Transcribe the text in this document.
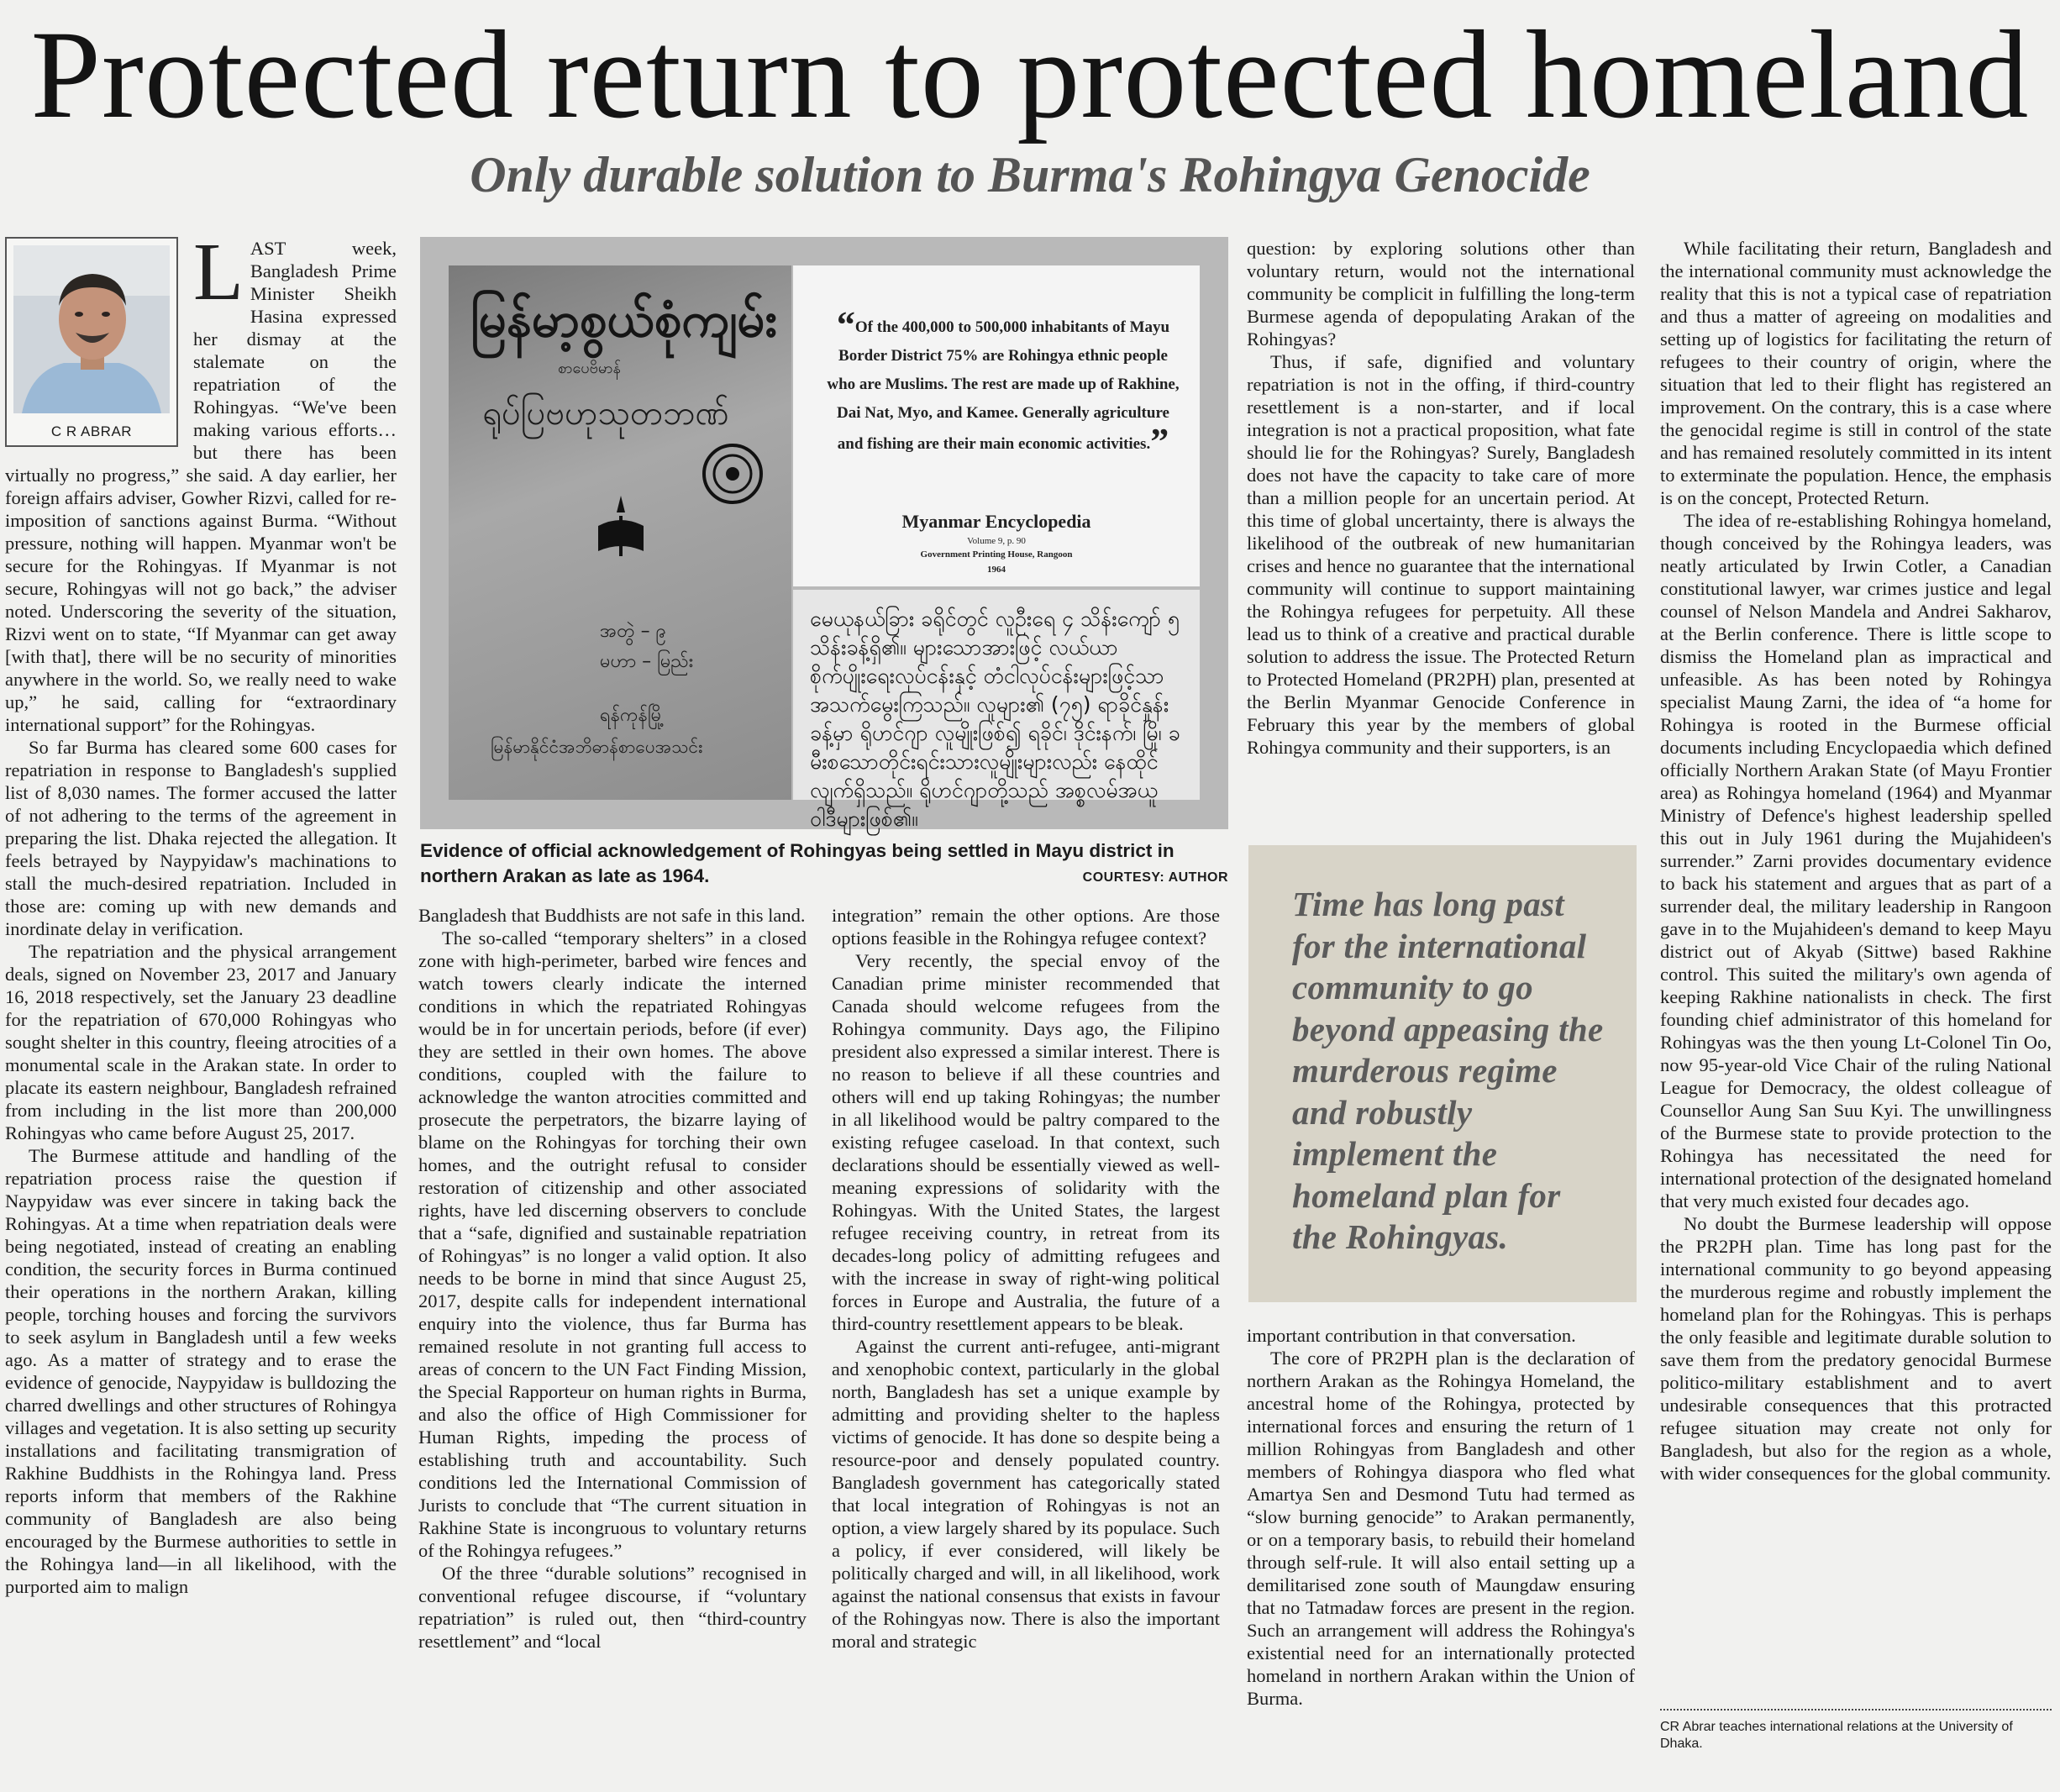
Protected return to protected homeland
Only durable solution to Burma's Rohingya Genocide
C R ABRAR
L AST week, Bangladesh Prime Minister Sheikh Hasina expressed her dismay at the stalemate on the repatriation of the Rohingyas. “We've been making various efforts… but there has been virtually no progress,” she said. A day earlier, her foreign affairs adviser, Gowher Rizvi, called for re-imposition of sanctions against Burma. “Without pressure, nothing will happen. Myanmar won't be secure for the Rohingyas. If Myanmar is not secure, Rohingyas will not go back,” the adviser noted. Underscoring the severity of the situation, Rizvi went on to state, “If Myanmar can get away [with that], there will be no security of minorities anywhere in the world. So, we really need to wake up,” he said, calling for “extraordinary international support” for the Rohingyas.

So far Burma has cleared some 600 cases for repatriation in response to Bangladesh's supplied list of 8,030 names. The former accused the latter of not adhering to the terms of the agreement in preparing the list. Dhaka rejected the allegation. It feels betrayed by Naypyidaw's machinations to stall the much-desired repatriation. Included in those are: coming up with new demands and inordinate delay in verification.

The repatriation and the physical arrangement deals, signed on November 23, 2017 and January 16, 2018 respectively, set the January 23 deadline for the repatriation of 670,000 Rohingyas who sought shelter in this country, fleeing atrocities of a monumental scale in the Arakan state. In order to placate its eastern neighbour, Bangladesh refrained from including in the list more than 200,000 Rohingyas who came before August 25, 2017.

The Burmese attitude and handling of the repatriation process raise the question if Naypyidaw was ever sincere in taking back the Rohingyas. At a time when repatriation deals were being negotiated, instead of creating an enabling condition, the security forces in Burma continued their operations in the northern Arakan, killing people, torching houses and forcing the survivors to seek asylum in Bangladesh until a few weeks ago. As a matter of strategy and to erase the evidence of genocide, Naypyidaw is bulldozing the charred dwellings and other structures of Rohingya villages and vegetation. It is also setting up security installations and facilitating transmigration of Rakhine Buddhists in the Rohingya land. Press reports inform that members of the Rakhine community of Bangladesh are also being encouraged by the Burmese authorities to settle in the Rohingya land—in all likelihood, with the purported aim to malign

မြန်မာ့စွယ်စုံကျမ်း
စာပေဗိမာန်
ရုပ်ပြဗဟုသုတဘဏ်
အတွဲ – ၉
မဟာ – မြည်း
ရန်ကုန်မြို့
မြန်မာနိုင်ငံအဘိဓာန်စာပေအသင်း
“Of the 400,000 to 500,000 inhabitants of Mayu Border District 75% are Rohingya ethnic people who are Muslims. The rest are made up of Rakhine, Dai Nat, Myo, and Kamee. Generally agriculture and fishing are their main economic activities.”
Myanmar Encyclopedia
Volume 9, p. 90
Government Printing House, Rangoon
1964
မေယုနယ်ခြား ခရိုင်တွင် လူဦးရေ ၄ သိန်းကျော် ၅ သိန်းခန့်ရှိ၏။ များသောအားဖြင့် လယ်ယာစိုက်ပျိုးရေးလုပ်ငန်းနှင့် တံငါလုပ်ငန်းများဖြင့်သာ အသက်မွေးကြသည်။ လူများ၏ (၇၅) ရာခိုင်နှုန်းခန့်မှာ ရိုဟင်ဂျာ လူမျိုးဖြစ်၍ ရခိုင်၊ ဒိုင်းနက်၊ မြို၊ ခမီးစသောတိုင်းရင်းသားလူမျိုးများလည်း နေထိုင်လျက်ရှိသည်။ ရိုဟင်ဂျာတို့သည် အစ္စလမ်အယူဝါဒီများဖြစ်၏။
Evidence of official acknowledgement of Rohingyas being settled in Mayu district in northern Arakan as late as 1964.	COURTESY: AUTHOR

Bangladesh that Buddhists are not safe in this land.

The so-called “temporary shelters” in a closed zone with high-perimeter, barbed wire fences and watch towers clearly indicate the interned conditions in which the repatriated Rohingyas would be in for uncertain periods, before (if ever) they are settled in their own homes. The above conditions, coupled with the failure to acknowledge the wanton atrocities committed and prosecute the perpetrators, the bizarre laying of blame on the Rohingyas for torching their own homes, and the outright refusal to consider restoration of citizenship and other associated rights, have led discerning observers to conclude that a “safe, dignified and sustainable repatriation of Rohingyas” is no longer a valid option. It also needs to be borne in mind that since August 25, 2017, despite calls for independent international enquiry into the violence, thus far Burma has remained resolute in not granting full access to areas of concern to the UN Fact Finding Mission, the Special Rapporteur on human rights in Burma, and also the office of High Commissioner for Human Rights, impeding the process of establishing truth and accountability. Such conditions led the International Commission of Jurists to conclude that “The current situation in Rakhine State is incongruous to voluntary returns of the Rohingya refugees.”

Of the three “durable solutions” recognised in conventional refugee discourse, if “voluntary repatriation” is ruled out, then “third-country resettlement” and “local

integration” remain the other options. Are those options feasible in the Rohingya refugee context?

Very recently, the special envoy of the Canadian prime minister recommended that Canada should welcome refugees from the Rohingya community. Days ago, the Filipino president also expressed a similar interest. There is no reason to believe if all these countries and others will end up taking Rohingyas; the number in all likelihood would be paltry compared to the existing refugee caseload. In that context, such declarations should be essentially viewed as well-meaning expressions of solidarity with the Rohingyas. With the United States, the largest refugee receiving country, in retreat from its decades-long policy of admitting refugees and with the increase in sway of right-wing political forces in Europe and Australia, the future of a third-country resettlement appears to be bleak.

Against the current anti-refugee, anti-migrant and xenophobic context, particularly in the global north, Bangladesh has set a unique example by admitting and providing shelter to the hapless victims of genocide. It has done so despite being a resource-poor and densely populated country. Bangladesh government has categorically stated that local integration of Rohingyas is not an option, a view largely shared by its populace. Such a policy, if ever considered, will likely be politically charged and will, in all likelihood, work against the national consensus that exists in favour of the Rohingyas now. There is also the important moral and strategic

question: by exploring solutions other than voluntary return, would not the international community be complicit in fulfilling the long-term Burmese agenda of depopulating Arakan of the Rohingyas?

Thus, if safe, dignified and voluntary repatriation is not in the offing, if third-country resettlement is a non-starter, and if local integration is not a practical proposition, what fate should lie for the Rohingyas? Surely, Bangladesh does not have the capacity to take care of more than a million people for an uncertain period. At this time of global uncertainty, there is always the likelihood of the outbreak of new humanitarian crises and hence no guarantee that the international community will continue to support maintaining the Rohingya refugees for perpetuity. All these lead us to think of a creative and practical durable solution to address the issue. The Protected Return to Protected Homeland (PR2PH) plan, presented at the Berlin Myanmar Genocide Conference in February this year by the members of global Rohingya community and their supporters, is an

Time has long past for the international community to go beyond appeasing the murderous regime and robustly implement the homeland plan for the Rohingyas.

important contribution in that conversation.

The core of PR2PH plan is the declaration of northern Arakan as the Rohingya Homeland, the ancestral home of the Rohingya, protected by international forces and ensuring the return of 1 million Rohingyas from Bangladesh and other members of Rohingya diaspora who fled what Amartya Sen and Desmond Tutu had termed as “slow burning genocide” to Arakan permanently, or on a temporary basis, to rebuild their homeland through self-rule. It will also entail setting up a demilitarised zone south of Maungdaw ensuring that no Tatmadaw forces are present in the region. Such an arrangement will address the Rohingya's existential need for an internationally protected homeland in northern Arakan within the Union of Burma.

While facilitating their return, Bangladesh and the international community must acknowledge the reality that this is not a typical case of repatriation and thus a matter of agreeing on modalities and setting up of logistics for facilitating the return of refugees to their country of origin, where the situation that led to their flight has registered an improvement. On the contrary, this is a case where the genocidal regime is still in control of the state and has remained resolutely committed in its intent to exterminate the population. Hence, the emphasis is on the concept, Protected Return.

The idea of re-establishing Rohingya homeland, though conceived by the Rohingya leaders, was neatly articulated by Irwin Cotler, a Canadian constitutional lawyer, war crimes justice and legal counsel of Nelson Mandela and Andrei Sakharov, at the Berlin conference. There is little scope to dismiss the Homeland plan as impractical and unfeasible. As has been noted by Rohingya specialist Maung Zarni, the idea of “a home for Rohingya is rooted in the Burmese official documents including Encyclopaedia which defined officially Northern Arakan State (of Mayu Frontier area) as Rohingya homeland (1964) and Myanmar Ministry of Defence's highest leadership spelled this out in July 1961 during the Mujahideen's surrender.” Zarni provides documentary evidence to back his statement and argues that as part of a surrender deal, the military leadership in Rangoon gave in to the Mujahideen's demand to keep Mayu district out of Akyab (Sittwe) based Rakhine control. This suited the military's own agenda of keeping Rakhine nationalists in check. The first founding chief administrator of this homeland for Rohingyas was the then young Lt-Colonel Tin Oo, now 95-year-old Vice Chair of the ruling National League for Democracy, the oldest colleague of Counsellor Aung San Suu Kyi. The unwillingness of the Burmese state to provide protection to the Rohingya has necessitated the need for international protection of the designated homeland that very much existed four decades ago.

No doubt the Burmese leadership will oppose the PR2PH plan. Time has long past for the international community to go beyond appeasing the murderous regime and robustly implement the homeland plan for the Rohingyas. This is perhaps the only feasible and legitimate durable solution to save them from the predatory genocidal Burmese politico-military establishment and to avert undesirable consequences that this protracted refugee situation may create not only for Bangladesh, but also for the region as a whole, with wider consequences for the global community.

CR Abrar teaches international relations at the University of Dhaka.
